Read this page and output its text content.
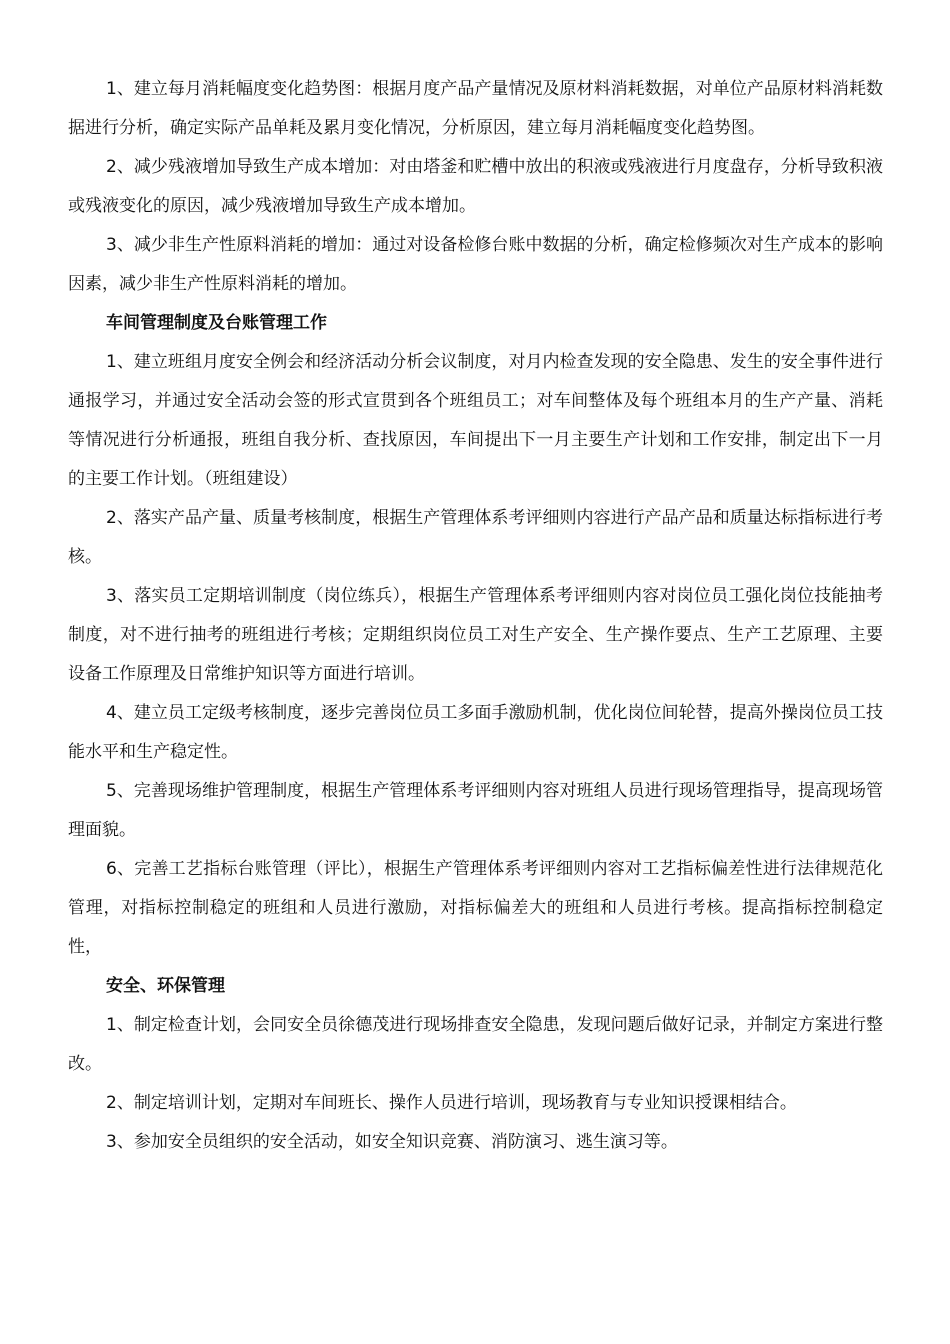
1、建立每月消耗幅度变化趋势图：根据月度产品产量情况及原材料消耗数据，对单位产品原材料消耗数据进行分析，确定实际产品单耗及累月变化情况，分析原因，建立每月消耗幅度变化趋势图。

2、减少残液增加导致生产成本增加：对由塔釜和贮槽中放出的积液或残液进行月度盘存，分析导致积液或残液变化的原因，减少残液增加导致生产成本增加。

3、减少非生产性原料消耗的增加：通过对设备检修台账中数据的分析，确定检修频次对生产成本的影响因素，减少非生产性原料消耗的增加。

车间管理制度及台账管理工作

1、建立班组月度安全例会和经济活动分析会议制度，对月内检查发现的安全隐患、发生的安全事件进行通报学习，并通过安全活动会签的形式宣贯到各个班组员工；对车间整体及每个班组本月的生产产量、消耗等情况进行分析通报，班组自我分析、查找原因，车间提出下一月主要生产计划和工作安排，制定出下一月的主要工作计划。（班组建设）

2、落实产品产量、质量考核制度，根据生产管理体系考评细则内容进行产品产品和质量达标指标进行考核。

3、落实员工定期培训制度（岗位练兵），根据生产管理体系考评细则内容对岗位员工强化岗位技能抽考制度，对不进行抽考的班组进行考核；定期组织岗位员工对生产安全、生产操作要点、生产工艺原理、主要设备工作原理及日常维护知识等方面进行培训。

4、建立员工定级考核制度，逐步完善岗位员工多面手激励机制，优化岗位间轮替，提高外操岗位员工技能水平和生产稳定性。

5、完善现场维护管理制度，根据生产管理体系考评细则内容对班组人员进行现场管理指导，提高现场管理面貌。

6、完善工艺指标台账管理（评比），根据生产管理体系考评细则内容对工艺指标偏差性进行法律规范化管理，对指标控制稳定的班组和人员进行激励，对指标偏差大的班组和人员进行考核。提高指标控制稳定性，

安全、环保管理

1、制定检查计划，会同安全员徐德茂进行现场排查安全隐患，发现问题后做好记录，并制定方案进行整改。

2、制定培训计划，定期对车间班长、操作人员进行培训，现场教育与专业知识授课相结合。

3、参加安全员组织的安全活动，如安全知识竞赛、消防演习、逃生演习等。
